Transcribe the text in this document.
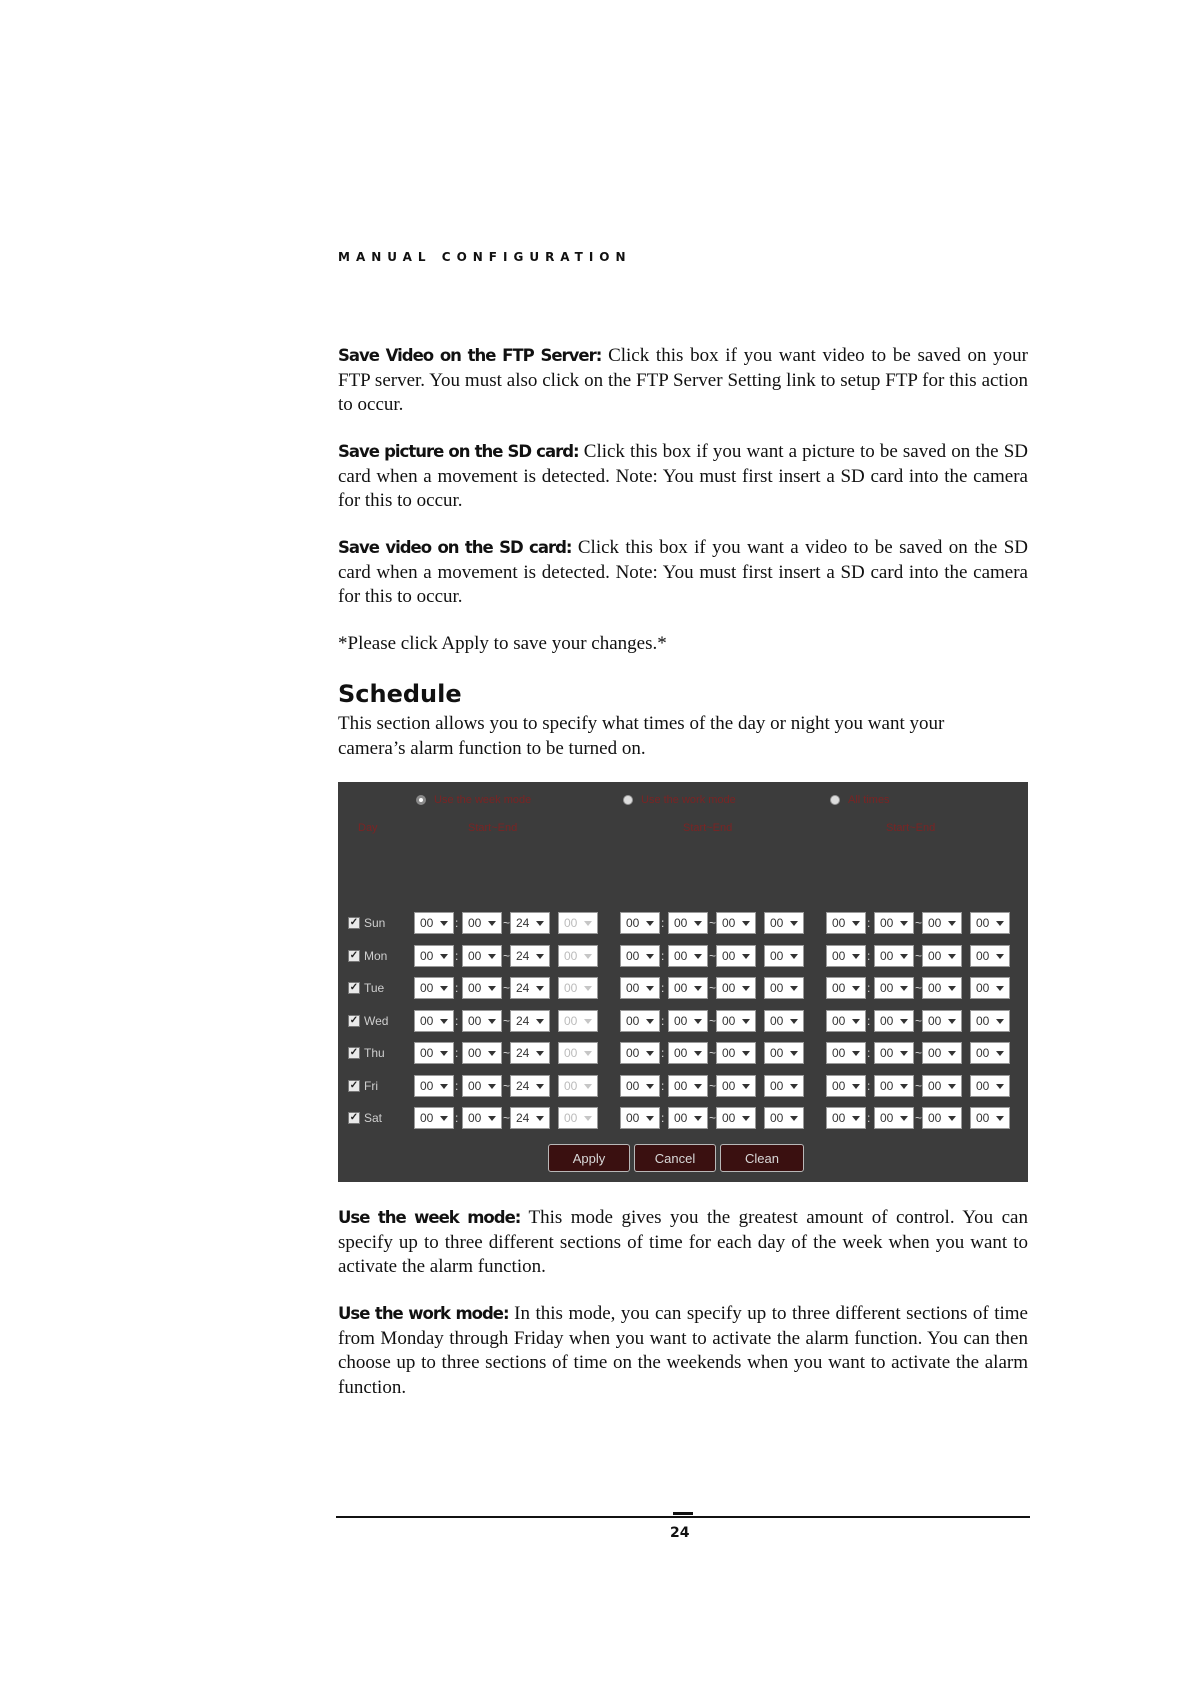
MANUAL CONFIGURATION

Save Video on the FTP Server: Click this box if you want video to be saved on your FTP server. You must also click on the FTP Server Setting link to setup FTP for this action to occur.

Save picture on the SD card: Click this box if you want a picture to be saved on the SD card when a movement is detected. Note: You must first insert a SD card into the camera for this to occur.

Save video on the SD card: Click this box if you want a video to be saved on the SD card when a movement is detected. Note: You must first insert a SD card into the camera for this to occur.

*Please click Apply to save your changes.*

Schedule

This section allows you to specify what times of the day or night you want your camera’s alarm function to be turned on.

Use the week mode	Use the work mode	All times
Day	Start~End	Start~End	Start~End
✓ Sun	00	: 00	~ 24	00	00	: 00	~ 00	00	00	: 00	~ 00	00
✓ Mon	00	: 00	~ 24	00	00	: 00	~ 00	00	00	: 00	~ 00	00
✓ Tue	00	: 00	~ 24	00	00	: 00	~ 00	00	00	: 00	~ 00	00
✓ Wed	00	: 00	~ 24	00	00	: 00	~ 00	00	00	: 00	~ 00	00
✓ Thu	00	: 00	~ 24	00	00	: 00	~ 00	00	00	: 00	~ 00	00
✓ Fri	00	: 00	~ 24	00	00	: 00	~ 00	00	00	: 00	~ 00	00
✓ Sat	00	: 00	~ 24	00	00	: 00	~ 00	00	00	: 00	~ 00	00
Apply	Cancel	Clean

Use the week mode: This mode gives you the greatest amount of control. You can specify up to three different sections of time for each day of the week when you want to activate the alarm function.

Use the work mode: In this mode, you can specify up to three different sections of time from Monday through Friday when you want to activate the alarm function. You can then choose up to three sections of time on the weekends when you want to activate the alarm function.

24
